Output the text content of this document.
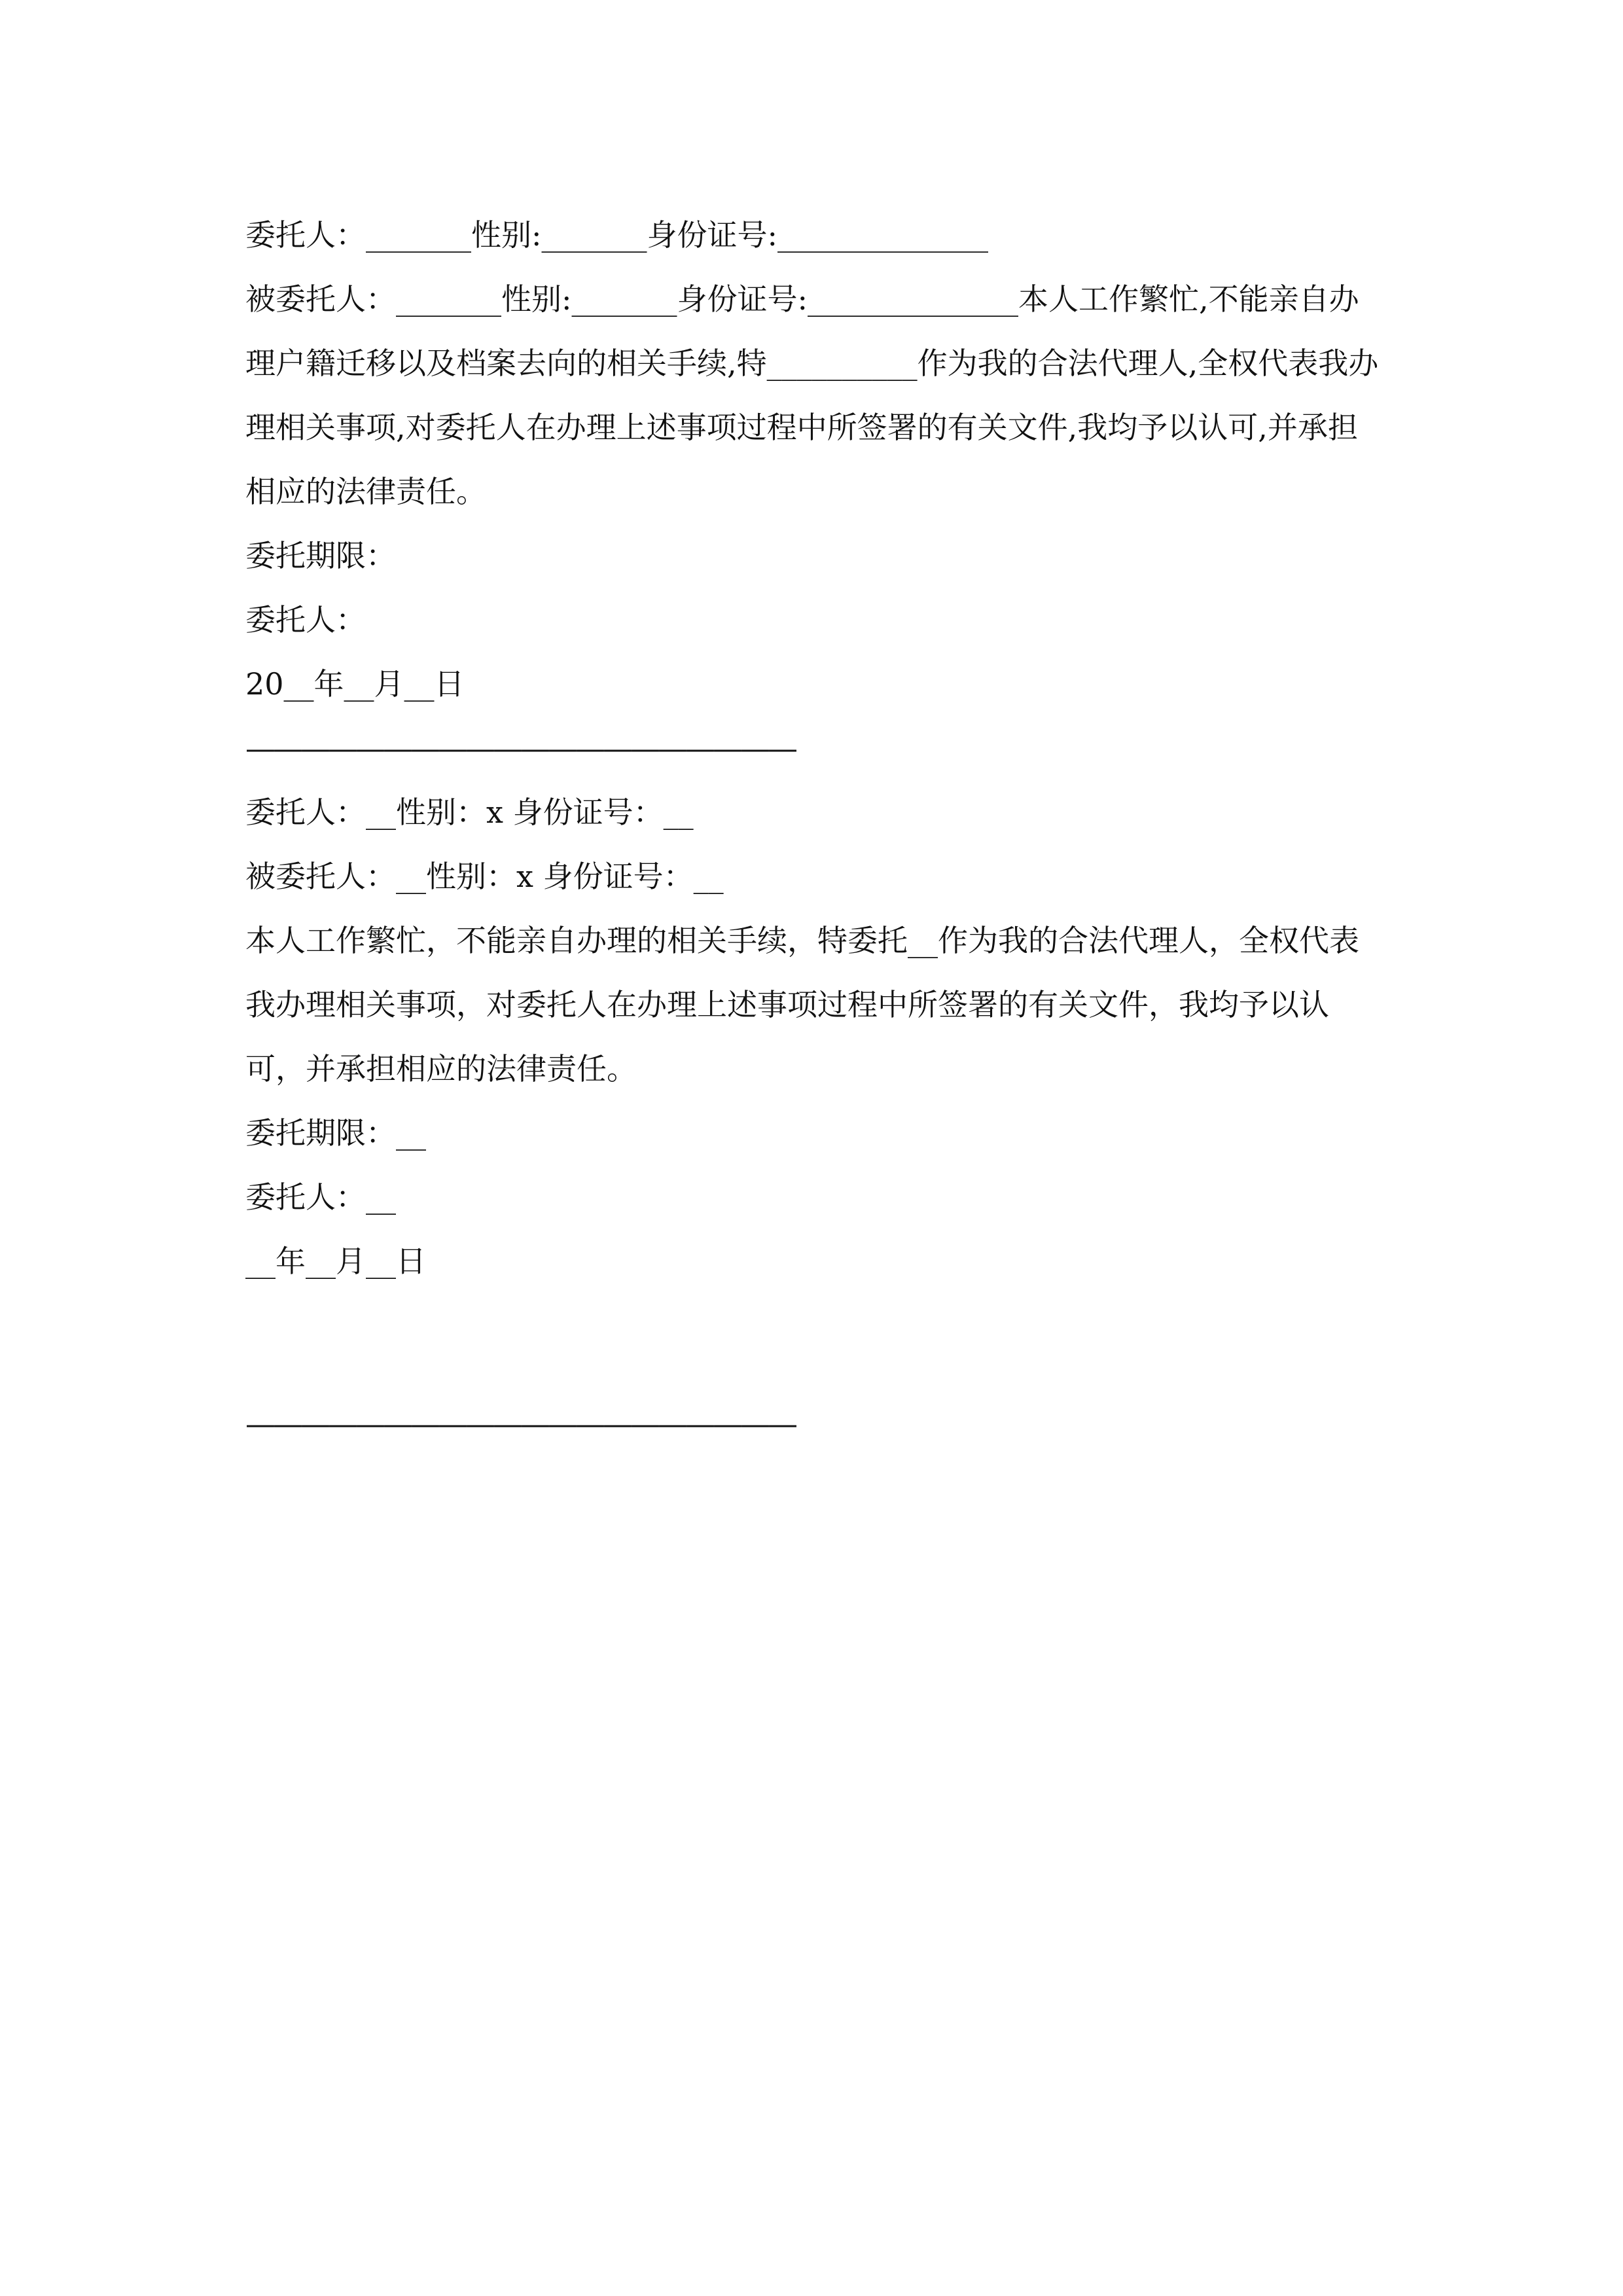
委托人：_______性别:_______身份证号:______________
被委托人：_______性别:_______身份证号:______________本人工作繁忙,不能亲自办理户籍迁移以及档案去向的相关手续,特__________作为我的合法代理人,全权代表我办理相关事项,对委托人在办理上述事项过程中所签署的有关文件,我均予以认可,并承担相应的法律责任。
委托期限：
委托人：
20__年__月__日
————————————————————
委托人：__性别：x 身份证号：__
被委托人：__性别：x 身份证号：__
本人工作繁忙，不能亲自办理的相关手续，特委托__作为我的合法代理人，全权代表我办理相关事项，对委托人在办理上述事项过程中所签署的有关文件，我均予以认可，并承担相应的法律责任。
委托期限：__
委托人：__
__年__月__日
————————————————————
